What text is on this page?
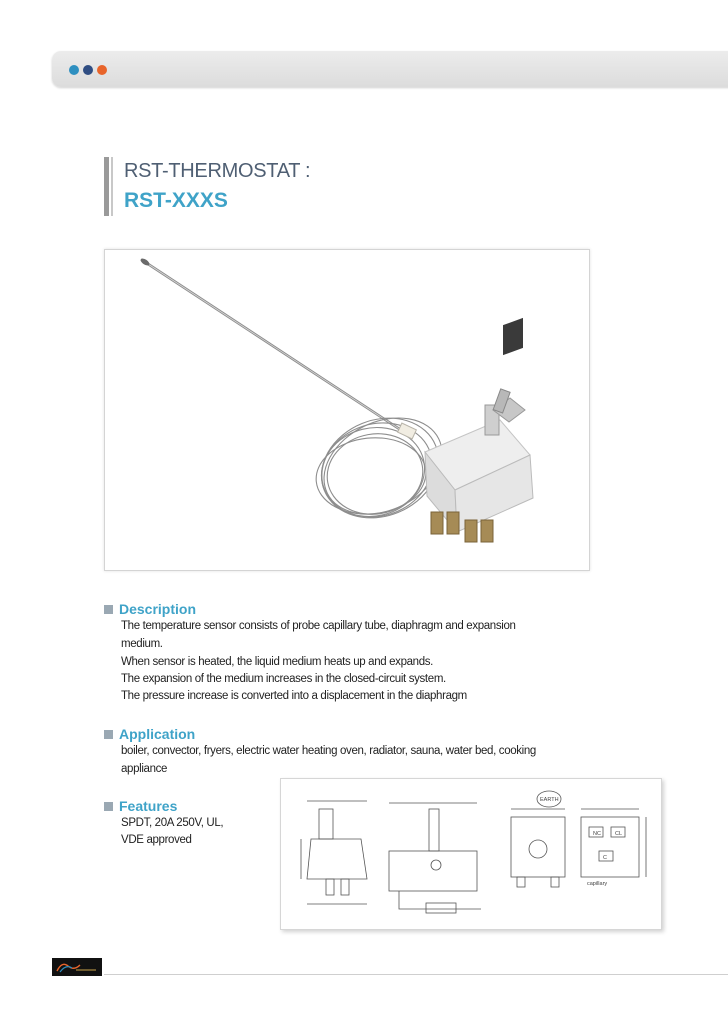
RST-THERMOSTAT :
RST-XXXS
Description
The temperature sensor consists of probe capillary tube, diaphragm and expansion
medium.
When sensor is heated, the liquid medium heats up and expands.
The expansion of the medium increases in the closed-circuit system.
The pressure increase is converted into a displacement in the diaphragm
Application
boiler, convector, fryers, electric water heating oven, radiator, sauna, water bed, cooking
appliance
Features
SPDT, 20A 250V, UL,
VDE approved
EARTH
NC	CL
C
capillary
